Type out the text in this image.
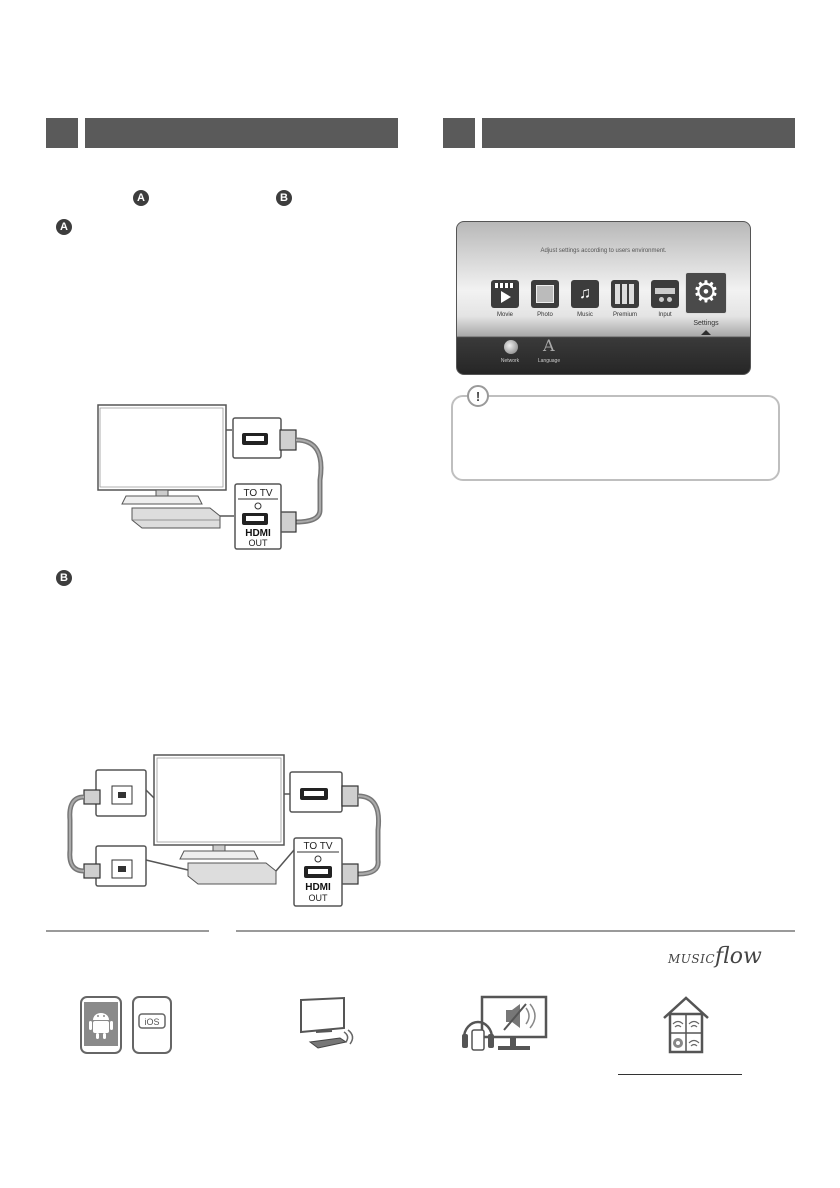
A	B
A
B
TO TV
HDMI
OUT
TO TV
HDMI
OUT
Adjust settings according to users environment.
Movie	Photo
♫
Music	Premium	Input
⚙
Settings
Network
A
Language
!
MUSICflow
iOS
